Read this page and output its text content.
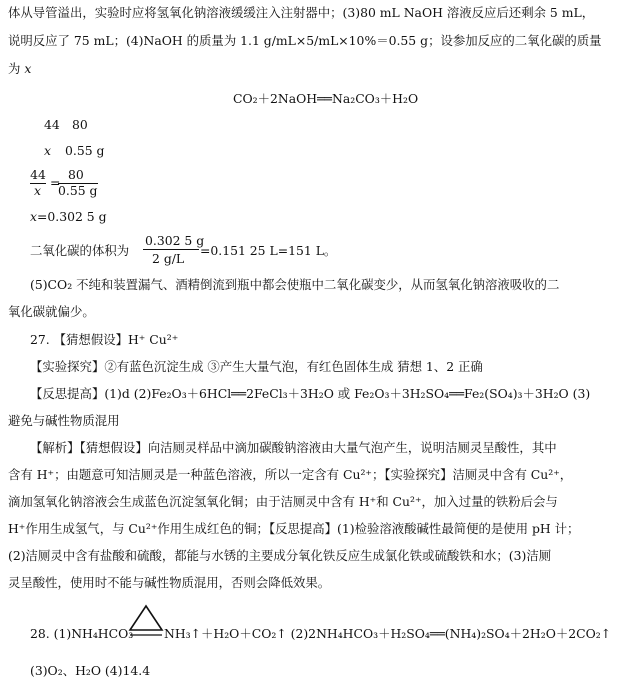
体从导管溢出，实验时应将氢氧化钠溶液缓缓注入注射器中；(3)80 mL NaOH 溶液反应后还剩余 5 mL，
说明反应了 75 mL；(4)NaOH 的质量为 1.1 g/mL×5/mL×10%＝0.55 g；设参加反应的二氧化碳的质量
为 x
CO₂＋2NaOH══Na₂CO₃＋H₂O
44 80
x 0.55 g
44
x
=
80
0.55 g
x=0.302 5 g
二氧化碳的体积为
0.302 5 g
2 g/L
=0.151 25 L=151 L。
(5)CO₂ 不纯和装置漏气、酒精倒流到瓶中都会使瓶中二氧化碳变少，从而氢氧化钠溶液吸收的二
氧化碳就偏少。
27. 【猜想假设】H⁺ Cu²⁺
【实验探究】②有蓝色沉淀生成 ③产生大量气泡，有红色固体生成 猜想 1、2 正确
【反思提高】(1)d (2)Fe₂O₃＋6HCl══2FeCl₃＋3H₂O 或 Fe₂O₃＋3H₂SO₄══Fe₂(SO₄)₃＋3H₂O (3)
避免与碱性物质混用
【解析】【猜想假设】向洁厕灵样品中滴加碳酸钠溶液由大量气泡产生，说明洁厕灵呈酸性，其中
含有 H⁺；由题意可知洁厕灵是一种蓝色溶液，所以一定含有 Cu²⁺；【实验探究】洁厕灵中含有 Cu²⁺，
滴加氢氧化钠溶液会生成蓝色沉淀氢氧化铜；由于洁厕灵中含有 H⁺和 Cu²⁺，加入过量的铁粉后会与
H⁺作用生成氢气，与 Cu²⁺作用生成红色的铜；【反思提高】(1)检验溶液酸碱性最简便的是使用 pH 计；
(2)洁厕灵中含有盐酸和硫酸，都能与水锈的主要成分氧化铁反应生成氯化铁或硫酸铁和水；(3)洁厕
灵呈酸性，使用时不能与碱性物质混用，否则会降低效果。
28. (1)NH₄HCO₃ NH₃↑＋H₂O＋CO₂↑ (2)2NH₄HCO₃＋H₂SO₄══(NH₄)₂SO₄＋2H₂O＋2CO₂↑
(3)O₂、H₂O (4)14.4
